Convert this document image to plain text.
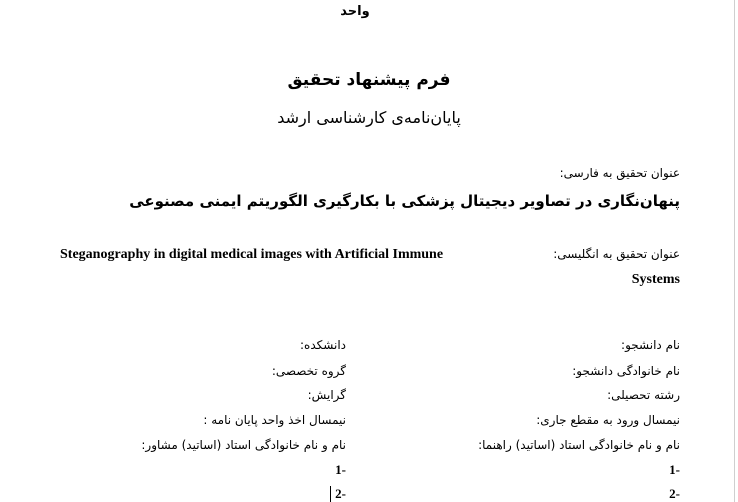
واحد
فرم پیشنهاد تحقیق
پایان‌نامه‌ی کارشناسی ارشد
عنوان تحقیق به فارسی:
پنهان‌نگاری در تصاویر دیجیتال پزشکی با بکارگیری الگوریتم ایمنی مصنوعی
عنوان تحقیق به انگلیسی:
Steganography in digital medical images with Artificial Immune
Systems
نام دانشجو:
نام خانوادگی دانشجو:
رشته تحصیلی:
نیمسال ورود به مقطع جاری:
نام و نام خانوادگی استاد (اساتید) راهنما:
دانشکده:
گروه تخصصی:
گرایش:
نیمسال اخذ واحد پایان نامه :
نام و نام خانوادگی استاد (اساتید) مشاور:
1-
2-
1-
2-
